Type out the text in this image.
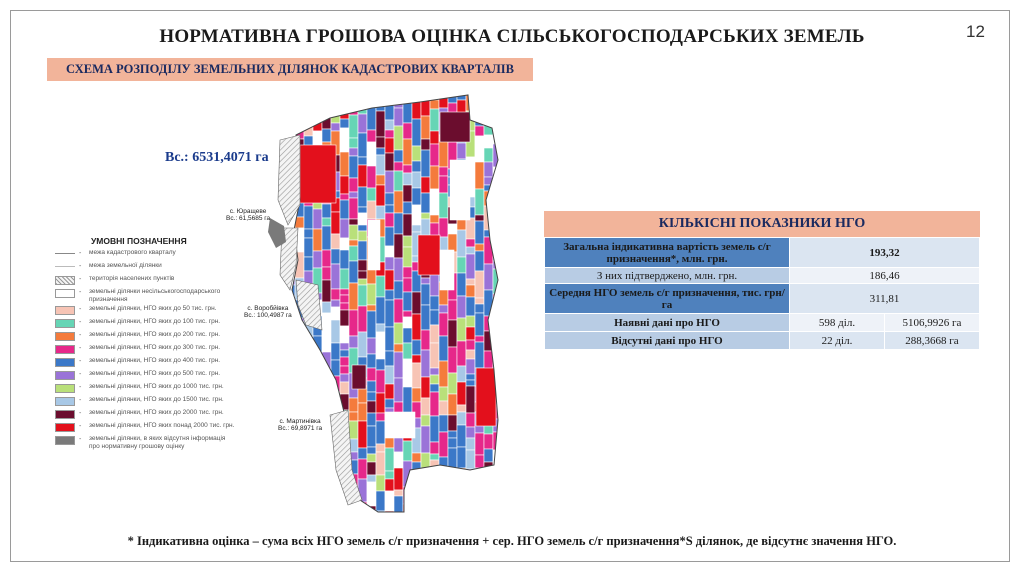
НОРМАТИВНА ГРОШОВА ОЦІНКА СІЛЬСЬКОГОСПОДАРСЬКИХ ЗЕМЕЛЬ	12
СХЕМА РОЗПОДІЛУ ЗЕМЕЛЬНИХ ДІЛЯНОК КАДАСТРОВИХ КВАРТАЛІВ
Вс.: 6531,4071 га
с. Юращеве
Вс.: 61,5685 га
с. Воробйівка
Вс.: 100,4987 га
с. Мартинівка
Вс.: 69,8971 га
УМОВНІ ПОЗНАЧЕННЯ
-	межа кадастрового кварталу
-	межа земельної ділянки
-	територія населених пунктів
-	земельні ділянки несільськогосподарського призначення
-	земельні ділянки, НГО яких до 50 тис. грн.
-	земельні ділянки, НГО яких до 100 тис. грн.
-	земельні ділянки, НГО яких до 200 тис. грн.
-	земельні ділянки, НГО яких до 300 тис. грн.
-	земельні ділянки, НГО яких до 400 тис. грн.
-	земельні ділянки, НГО яких до 500 тис. грн.
-	земельні ділянки, НГО яких до 1000 тис. грн.
-	земельні ділянки, НГО яких до 1500 тис. грн.
-	земельні ділянки, НГО яких до 2000 тис. грн.
-	земельні ділянки, НГО яких понад 2000 тис. грн.
-	земельні ділянки, в яких відсутня інформація про нормативну грошову оцінку
КІЛЬКІСНІ ПОКАЗНИКИ НГО
Загальна індикативна вартість земель с/г призначення*, млн. грн.	193,32	
З них підтверджено, млн. грн.	186,46	
Середня НГО земель с/г призначення, тис. грн/га	311,81	
Наявні дані про НГО	598 діл.	5106,9926 га
Відсутні дані про НГО	22 діл.	288,3668 га
* Індикативна оцінка – сума всіх НГО земель с/г призначення + сер. НГО земель с/г призначення*S ділянок, де відсутнє значення НГО.
